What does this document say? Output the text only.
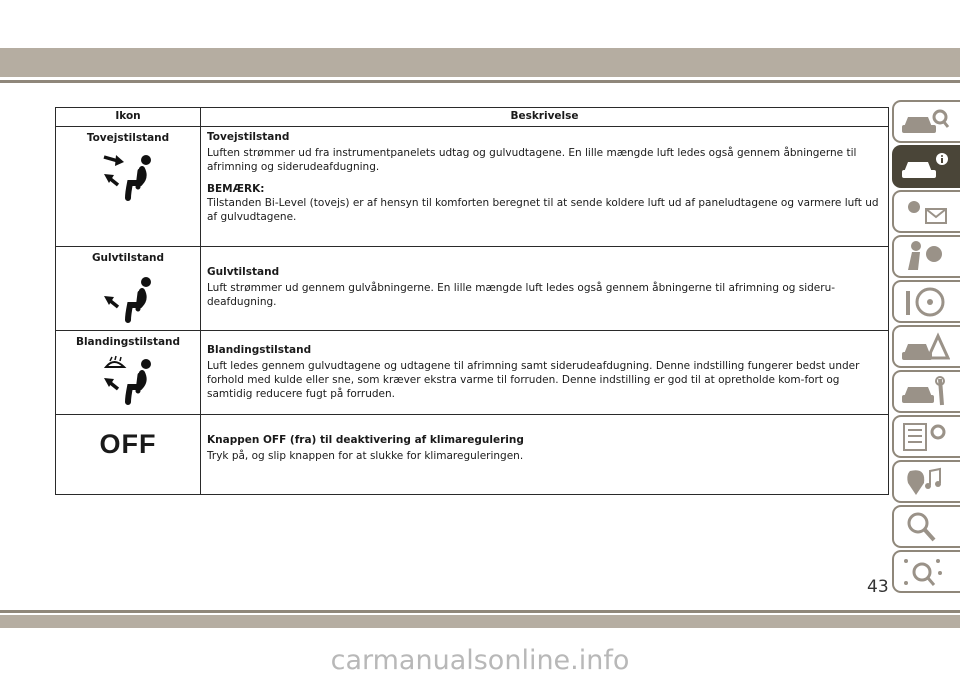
Ikon	Beskrivelse

Tovejstilstand	Tovejstilstand
Luften strømmer ud fra instrumentpanelets udtag og gulvudtagene. En lille mængde luft ledes også gennem åbningerne til afrimning og siderudeafdugning.
BEMÆRK:
Tilstanden Bi-Level (tovejs) er af hensyn til komforten beregnet til at sende koldere luft ud af paneludtagene og varmere luft ud af gulvudtagene.

Gulvtilstand	Gulvtilstand
Luft strømmer ud gennem gulvåbningerne. En lille mængde luft ledes også gennem åbningerne til afrimning og sideru-deafdugning.

Blandingstilstand	Blandingstilstand
Luft ledes gennem gulvudtagene og udtagene til afrimning samt siderudeafdugning. Denne indstilling fungerer bedst under forhold med kulde eller sne, som kræver ekstra varme til forruden. Denne indstilling er god til at opretholde kom-fort og samtidig reducere fugt på forruden.

OFF	Knappen OFF (fra) til deaktivering af klimaregulering
Tryk på, og slip knappen for at slukke for klimareguleringen.
43
carmanualsonline.info
